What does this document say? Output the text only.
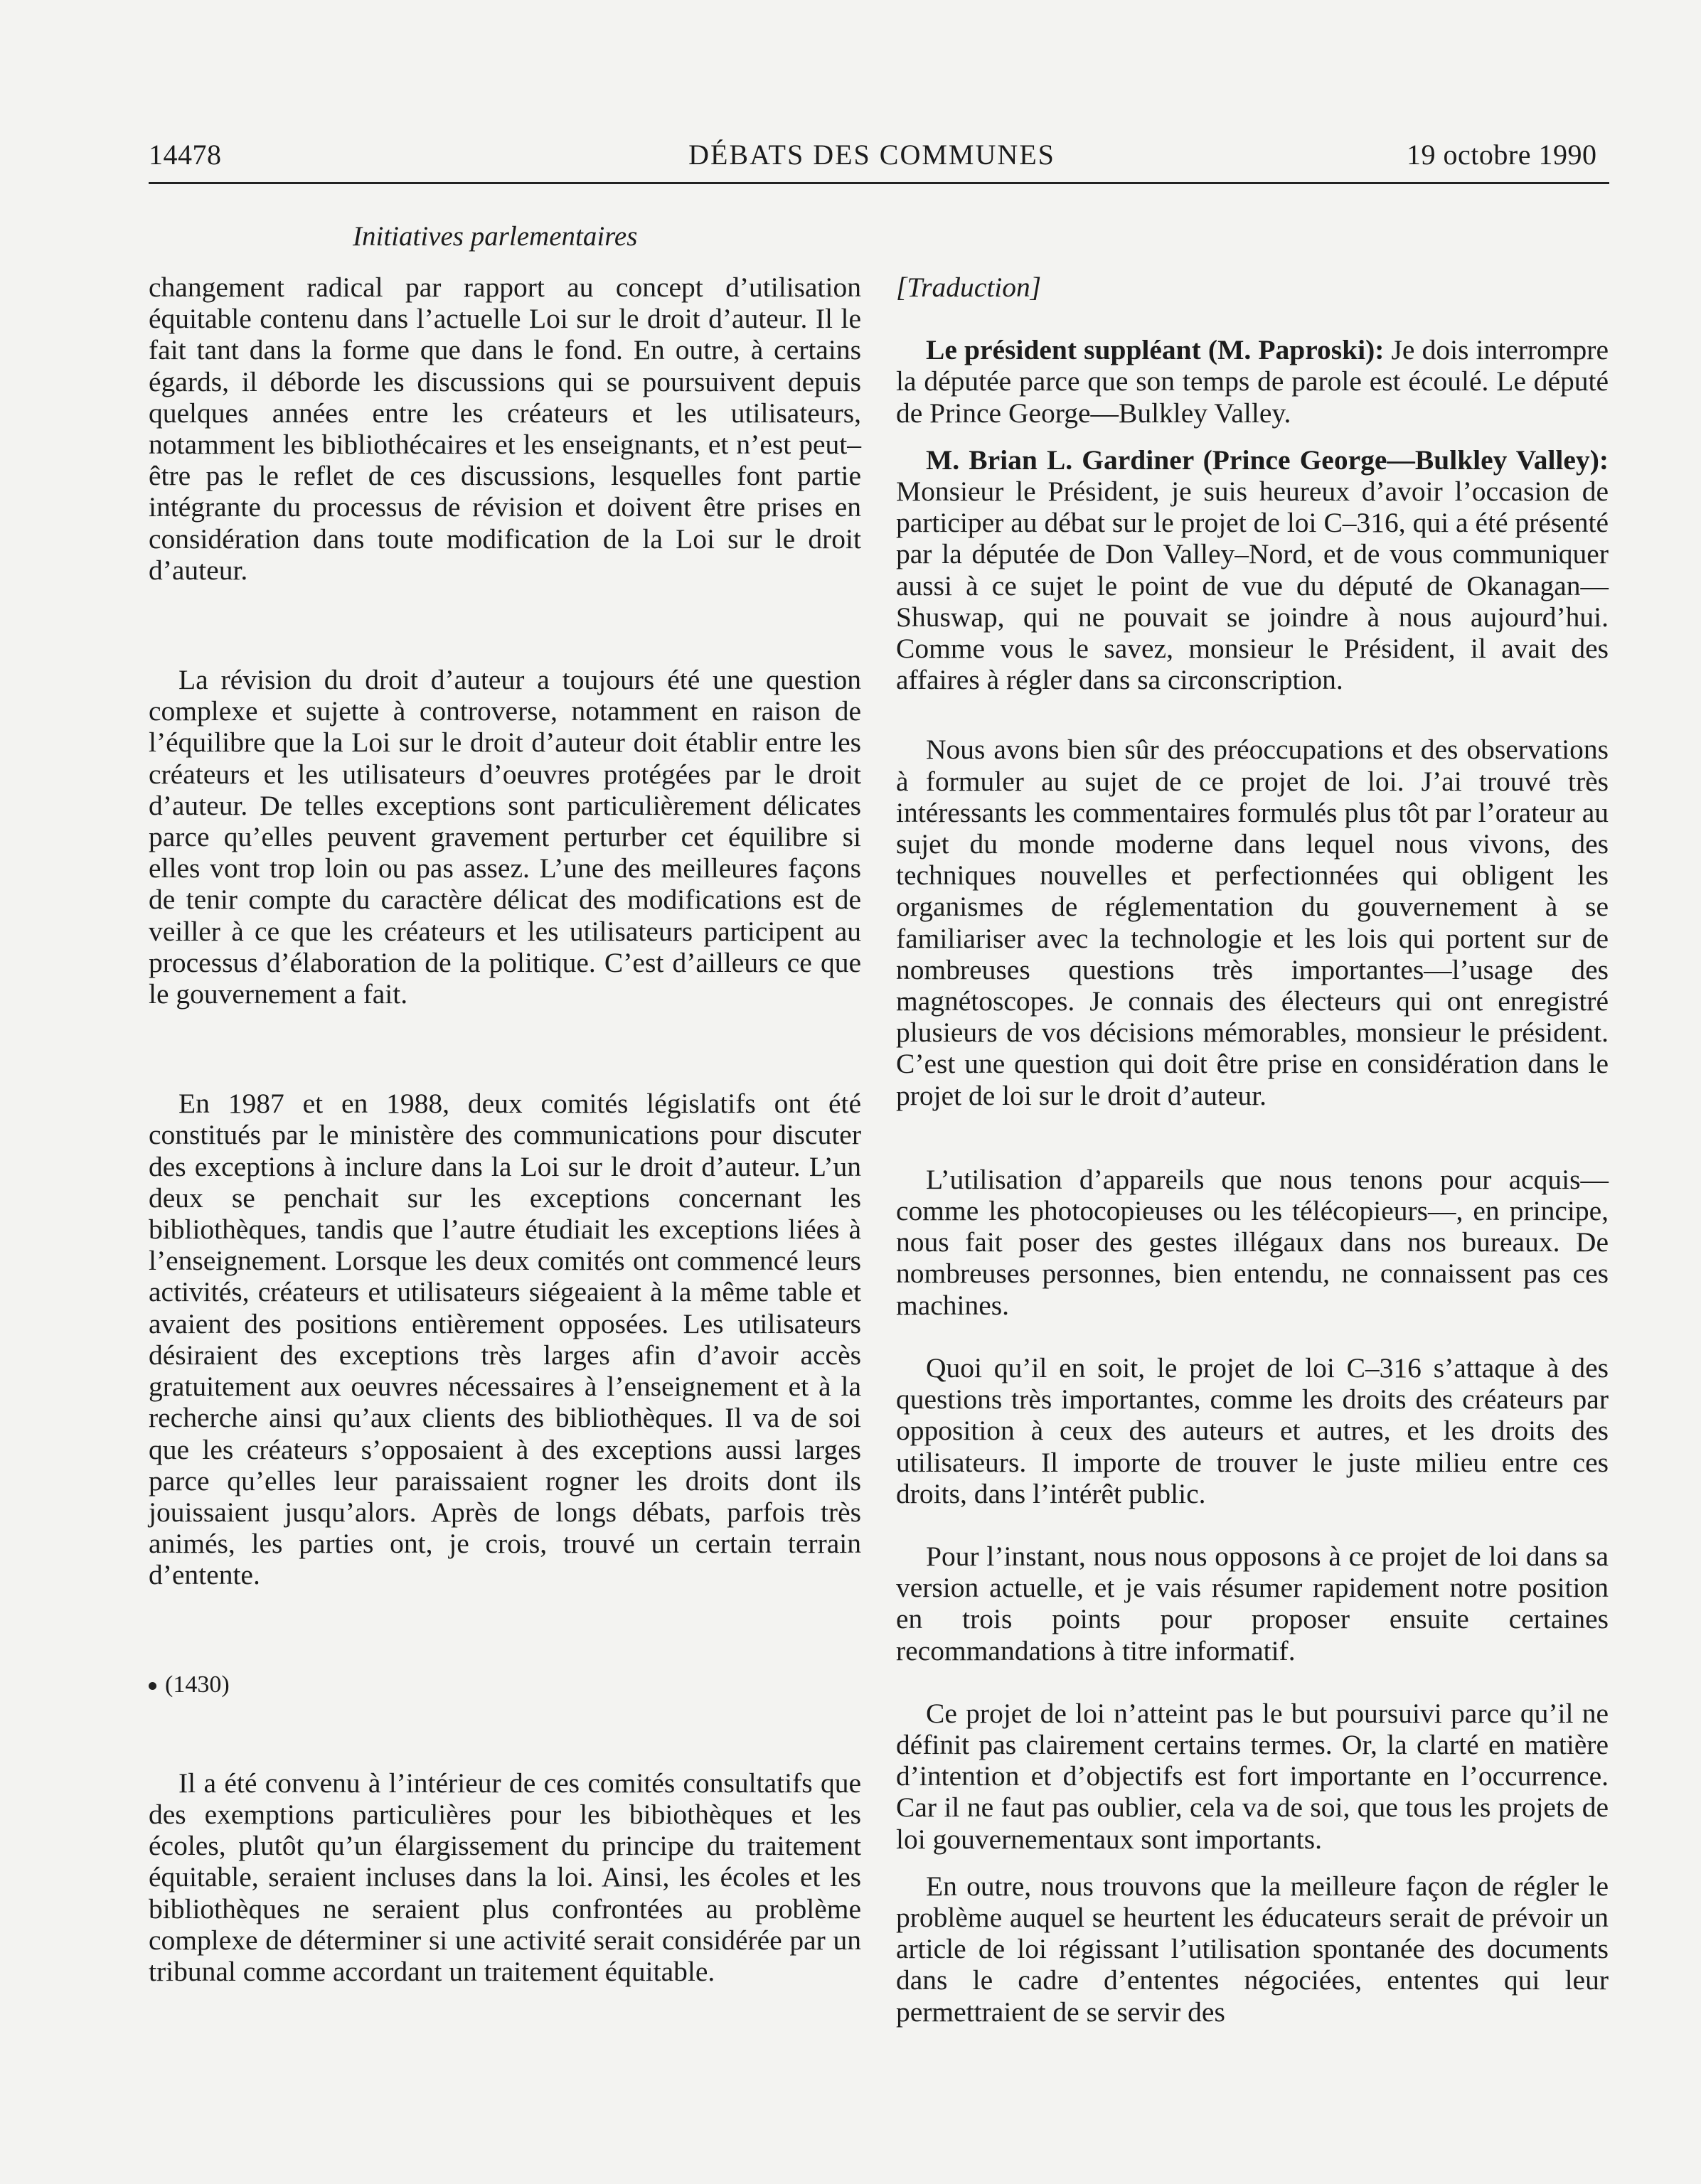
14478	DÉBATS DES COMMUNES	19 octobre 1990
Initiatives parlementaires

changement radical par rapport au concept d’utilisation équitable contenu dans l’actuelle Loi sur le droit d’auteur. Il le fait tant dans la forme que dans le fond. En outre, à certains égards, il déborde les discussions qui se poursuivent depuis quelques années entre les créateurs et les utilisateurs, notamment les bibliothécaires et les enseignants, et n’est peut–être pas le reflet de ces discussions, lesquelles font partie intégrante du processus de révision et doivent être prises en considération dans toute modification de la Loi sur le droit d’auteur.

La révision du droit d’auteur a toujours été une question complexe et sujette à controverse, notamment en raison de l’équilibre que la Loi sur le droit d’auteur doit établir entre les créateurs et les utilisateurs d’oeuvres protégées par le droit d’auteur. De telles exceptions sont particulièrement délicates parce qu’elles peuvent gravement perturber cet équilibre si elles vont trop loin ou pas assez. L’une des meilleures façons de tenir compte du caractère délicat des modifications est de veiller à ce que les créateurs et les utilisateurs participent au processus d’élaboration de la politique. C’est d’ailleurs ce que le gouvernement a fait.

En 1987 et en 1988, deux comités législatifs ont été constitués par le ministère des communications pour discuter des exceptions à inclure dans la Loi sur le droit d’auteur. L’un deux se penchait sur les exceptions concernant les bibliothèques, tandis que l’autre étudiait les exceptions liées à l’enseignement. Lorsque les deux comités ont commencé leurs activités, créateurs et utilisateurs siégeaient à la même table et avaient des positions entièrement opposées. Les utilisateurs désiraient des exceptions très larges afin d’avoir accès gratuitement aux oeuvres nécessaires à l’enseignement et à la recherche ainsi qu’aux clients des bibliothèques. Il va de soi que les créateurs s’opposaient à des exceptions aussi larges parce qu’elles leur paraissaient rogner les droits dont ils jouissaient jusqu’alors. Après de longs débats, parfois très animés, les parties ont, je crois, trouvé un certain terrain d’entente.

(1430)

Il a été convenu à l’intérieur de ces comités consultatifs que des exemptions particulières pour les bibiothèques et les écoles, plutôt qu’un élargissement du principe du traitement équitable, seraient incluses dans la loi. Ainsi, les écoles et les bibliothèques ne seraient plus confrontées au problème complexe de déterminer si une activité serait considérée par un tribunal comme accordant un traitement équitable.

[Traduction]

Le président suppléant (M. Paproski): Je dois interrompre la députée parce que son temps de parole est écoulé. Le député de Prince George—Bulkley Valley.

M. Brian L. Gardiner (Prince George—Bulkley Valley): Monsieur le Président, je suis heureux d’avoir l’occasion de participer au débat sur le projet de loi C–316, qui a été présenté par la députée de Don Valley–Nord, et de vous communiquer aussi à ce sujet le point de vue du député de Okanagan—Shuswap, qui ne pouvait se joindre à nous aujourd’hui. Comme vous le savez, monsieur le Président, il avait des affaires à régler dans sa circonscription.

Nous avons bien sûr des préoccupations et des observations à formuler au sujet de ce projet de loi. J’ai trouvé très intéressants les commentaires formulés plus tôt par l’orateur au sujet du monde moderne dans lequel nous vivons, des techniques nouvelles et perfectionnées qui obligent les organismes de réglementation du gouvernement à se familiariser avec la technologie et les lois qui portent sur de nombreuses questions très importantes—l’usage des magnétoscopes. Je connais des électeurs qui ont enregistré plusieurs de vos décisions mémorables, monsieur le président. C’est une question qui doit être prise en considération dans le projet de loi sur le droit d’auteur.

L’utilisation d’appareils que nous tenons pour acquis—comme les photocopieuses ou les télécopieurs—, en principe, nous fait poser des gestes illégaux dans nos bureaux. De nombreuses personnes, bien entendu, ne connaissent pas ces machines.

Quoi qu’il en soit, le projet de loi C–316 s’attaque à des questions très importantes, comme les droits des créateurs par opposition à ceux des auteurs et autres, et les droits des utilisateurs. Il importe de trouver le juste milieu entre ces droits, dans l’intérêt public.

Pour l’instant, nous nous opposons à ce projet de loi dans sa version actuelle, et je vais résumer rapidement notre position en trois points pour proposer ensuite certaines recommandations à titre informatif.

Ce projet de loi n’atteint pas le but poursuivi parce qu’il ne définit pas clairement certains termes. Or, la clarté en matière d’intention et d’objectifs est fort importante en l’occurrence. Car il ne faut pas oublier, cela va de soi, que tous les projets de loi gouvernementaux sont importants.

En outre, nous trouvons que la meilleure façon de régler le problème auquel se heurtent les éducateurs serait de prévoir un article de loi régissant l’utilisation spontanée des documents dans le cadre d’ententes négociées, ententes qui leur permettraient de se servir des
